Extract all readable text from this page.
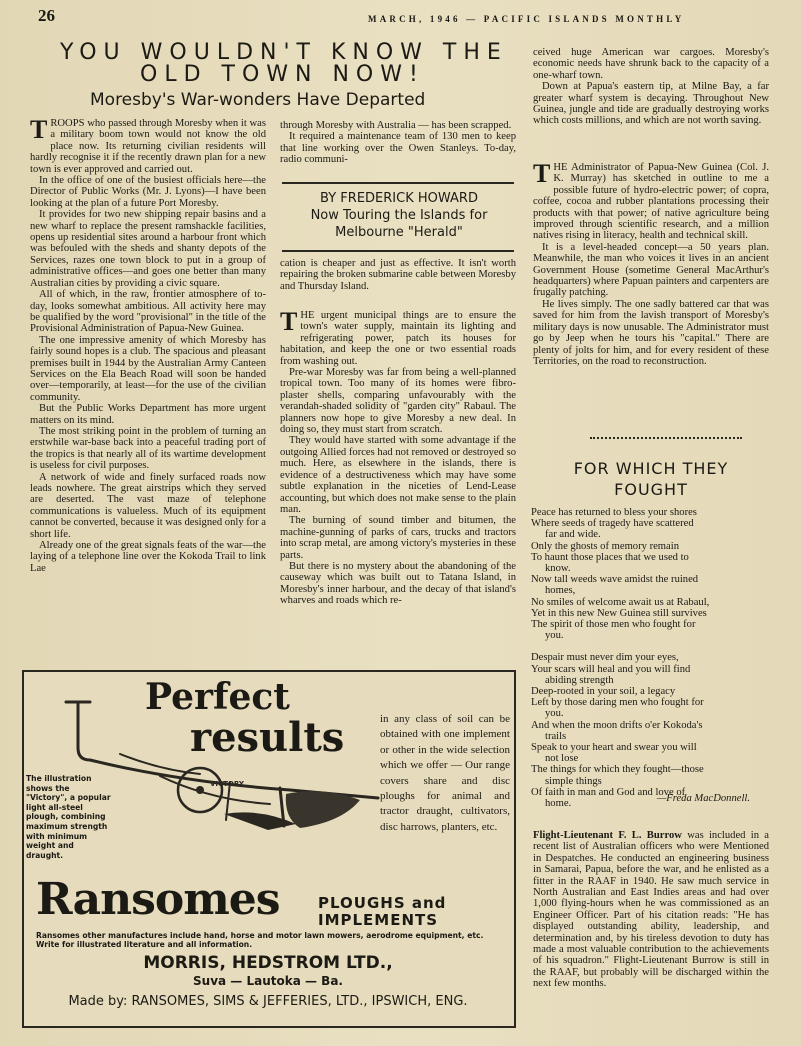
26	MARCH, 1946 — PACIFIC ISLANDS MONTHLY
YOU WOULDN'T KNOW THE
OLD TOWN NOW!
Moresby's War-wonders Have Departed

TROOPS who passed through Moresby when it was a military boom town would not know the old place now. Its returning civilian residents will hardly recognise it if the recently drawn plan for a new town is ever approved and carried out.

In the office of one of the busiest officials here—the Director of Public Works (Mr. J. Lyons)—I have been looking at the plan of a future Port Moresby.

It provides for two new shipping repair basins and a new wharf to replace the present ramshackle facilities, opens up residential sites around a harbour front which was befouled with the sheds and shanty depots of the Services, razes one town block to put in a group of administrative offices—and goes one better than many Australian cities by providing a civic square.

All of which, in the raw, frontier atmosphere of to-day, looks somewhat ambitious. All activity here may be qualified by the word "provisional" in the title of the Provisional Administration of Papua-New Guinea.

The one impressive amenity of which Moresby has fairly sound hopes is a club. The spacious and pleasant premises built in 1944 by the Australian Army Canteen Services on the Ela Beach Road will soon be handed over—temporarily, at least—for the use of the civilian community.

But the Public Works Department has more urgent matters on its mind.

The most striking point in the problem of turning an erstwhile war-base back into a peaceful trading port of the tropics is that nearly all of its wartime development is useless for civil purposes.

A network of wide and finely surfaced roads now leads nowhere. The great airstrips which they served are deserted. The vast maze of telephone communications is valueless. Much of its equipment cannot be converted, because it was designed only for a short life.

Already one of the great signals feats of the war—the laying of a telephone line over the Kokoda Trail to link Lae

through Moresby with Australia — has been scrapped.

It required a maintenance team of 130 men to keep that line working over the Owen Stanleys. To-day, radio communi-

BY FREDERICK HOWARD
Now Touring the Islands for
Melbourne "Herald"

cation is cheaper and just as effective. It isn't worth repairing the broken submarine cable between Moresby and Thursday Island.

THE urgent municipal things are to ensure the town's water supply, maintain its lighting and refrigerating power, patch its houses for habitation, and keep the one or two essential roads from washing out.

Pre-war Moresby was far from being a well-planned tropical town. Too many of its homes were fibro-plaster shells, comparing unfavourably with the verandah-shaded solidity of "garden city" Rabaul. The planners now hope to give Moresby a new deal. In doing so, they must start from scratch.

They would have started with some advantage if the outgoing Allied forces had not removed or destroyed so much. Here, as elsewhere in the islands, there is evidence of a destructiveness which may have some subtle explanation in the niceties of Lend-Lease accounting, but which does not make sense to the plain man.

The burning of sound timber and bitumen, the machine-gunning of parks of cars, trucks and tractors into scrap metal, are among victory's mysteries in these parts.

But there is no mystery about the abandoning of the causeway which was built out to Tatana Island, in Moresby's inner harbour, and the decay of that island's wharves and roads which re-

ceived huge American war cargoes. Moresby's economic needs have shrunk back to the capacity of a one-wharf town.

Down at Papua's eastern tip, at Milne Bay, a far greater wharf system is decaying. Throughout New Guinea, jungle and tide are gradually destroying works which costs millions, and which are not worth saving.

THE Administrator of Papua-New Guinea (Col. J. K. Murray) has sketched in outline to me a possible future of hydro-electric power; of copra, coffee, cocoa and rubber plantations processing their products with that power; of native agriculture being improved through scientific research, and a million natives rising in literacy, health and technical skill.

It is a level-headed concept—a 50 years plan. Meanwhile, the man who voices it lives in an ancient Government House (sometime General MacArthur's headquarters) where Papuan painters and carpenters are frugally patching.

He lives simply. The one sadly battered car that was saved for him from the lavish transport of Moresby's military days is now unusable. The Administrator must go by Jeep when he tours his "capital." There are plenty of jolts for him, and for every resident of these Territories, on the road to reconstruction.

FOR WHICH THEY
FOUGHT
Peace has returned to bless your shores
Where seeds of tragedy have scattered
far and wide.
Only the ghosts of memory remain
To haunt those places that we used to
know.
Now tall weeds wave amidst the ruined
homes,
No smiles of welcome await us at Rabaul,
Yet in this new New Guinea still survives
The spirit of those men who fought for
you.
Despair must never dim your eyes,
Your scars will heal and you will find
abiding strength
Deep-rooted in your soil, a legacy
Left by those daring men who fought for
you.
And when the moon drifts o'er Kokoda's
trails
Speak to your heart and swear you will
not lose
The things for which they fought—those
simple things
Of faith in man and God and love of
home.	—Freda MacDonnell.

Flight-Lieutenant F. L. Burrow was included in a recent list of Australian officers who were Mentioned in Despatches. He conducted an engineering business in Samarai, Papua, before the war, and he enlisted as a fitter in the RAAF in 1940. He saw much service in North Australian and East Indies areas and had over 1,000 flying-hours when he was commissioned as an Engineer Officer. Part of his citation reads: "He has displayed outstanding ability, leadership, and determination and, by his tireless devotion to duty has made a most valuable contribution to the achievements of his squadron." Flight-Lieutenant Burrow is still in the RAAF, but probably will be discharged within the next few months.

VICTORY
Perfect
results	in any class of soil can be obtained with one implement or other in the wide selection which we offer — Our range covers share and disc ploughs for animal and tractor draught, cultivators, disc harrows, planters, etc.
The illustration shows the "Victory", a popular light all-steel plough, combining maximum strength with minimum weight and draught.
Ransomes	PLOUGHS and
IMPLEMENTS
Ransomes other manufactures include hand, horse and motor lawn mowers, aerodrome equipment, etc. Write for illustrated literature and all information.
MORRIS, HEDSTROM LTD.,
Suva — Lautoka — Ba.
Made by: RANSOMES, SIMS & JEFFERIES, LTD., IPSWICH, ENG.
